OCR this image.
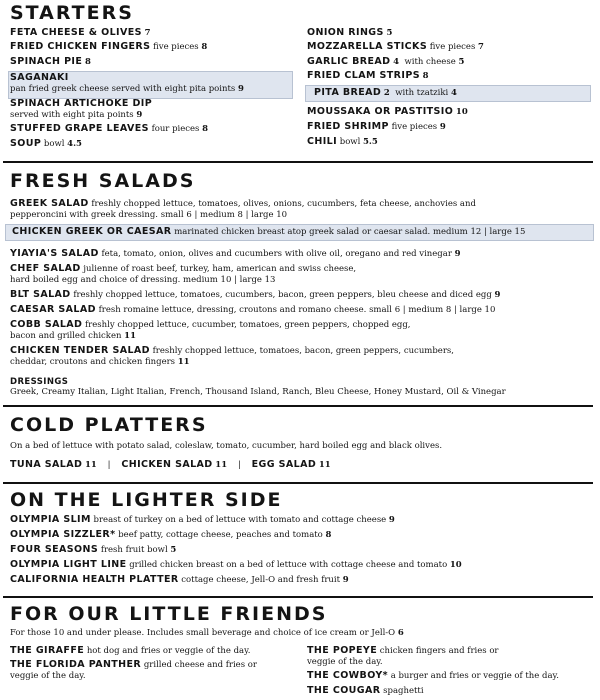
STARTERS
FETA CHEESE & OLIVES 7
FRIED CHICKEN FINGERS five pieces 8
SPINACH PIE 8
SAGANAKI
pan fried greek cheese served with eight pita points 9
SPINACH ARTICHOKE DIP
served with eight pita points 9
STUFFED GRAPE LEAVES four pieces 8
SOUP bowl 4.5
ONION RINGS 5
MOZZARELLA STICKS five pieces 7
GARLIC BREAD 4 with cheese 5
FRIED CLAM STRIPS 8
PITA BREAD 2 with tzatziki 4
MOUSSAKA OR PASTITSIO 10
FRIED SHRIMP five pieces 9
CHILI bowl 5.5
FRESH SALADS
GREEK SALAD freshly chopped lettuce, tomatoes, olives, onions, cucumbers, feta cheese, anchovies and
pepperoncini with greek dressing. small 6 | medium 8 | large 10
CHICKEN GREEK OR CAESAR marinated chicken breast atop greek salad or caesar salad. medium 12 | large 15
YIAYIA'S SALAD feta, tomato, onion, olives and cucumbers with olive oil, oregano and red vinegar 9
CHEF SALAD julienne of roast beef, turkey, ham, american and swiss cheese,
hard boiled egg and choice of dressing. medium 10 | large 13
BLT SALAD freshly chopped lettuce, tomatoes, cucumbers, bacon, green peppers, bleu cheese and diced egg 9
CAESAR SALAD fresh romaine lettuce, dressing, croutons and romano cheese. small 6 | medium 8 | large 10
COBB SALAD freshly chopped lettuce, cucumber, tomatoes, green peppers, chopped egg,
bacon and grilled chicken 11
CHICKEN TENDER SALAD freshly chopped lettuce, tomatoes, bacon, green peppers, cucumbers,
cheddar, croutons and chicken fingers 11
DRESSINGS
Greek, Creamy Italian, Light Italian, French, Thousand Island, Ranch, Bleu Cheese, Honey Mustard, Oil & Vinegar
COLD PLATTERS
On a bed of lettuce with potato salad, coleslaw, tomato, cucumber, hard boiled egg and black olives.
TUNA SALAD 11 | CHICKEN SALAD 11 | EGG SALAD 11
ON THE LIGHTER SIDE
OLYMPIA SLIM breast of turkey on a bed of lettuce with tomato and cottage cheese 9
OLYMPIA SIZZLER* beef patty, cottage cheese, peaches and tomato 8
FOUR SEASONS fresh fruit bowl 5
OLYMPIA LIGHT LINE grilled chicken breast on a bed of lettuce with cottage cheese and tomato 10
CALIFORNIA HEALTH PLATTER cottage cheese, Jell-O and fresh fruit 9
FOR OUR LITTLE FRIENDS
For those 10 and under please. Includes small beverage and choice of ice cream or Jell-O 6
THE GIRAFFE hot dog and fries or veggie of the day.
THE FLORIDA PANTHER grilled cheese and fries or
veggie of the day.
THE POPEYE chicken fingers and fries or
veggie of the day.
THE COWBOY* a burger and fries or veggie of the day.
THE COUGAR spaghetti
